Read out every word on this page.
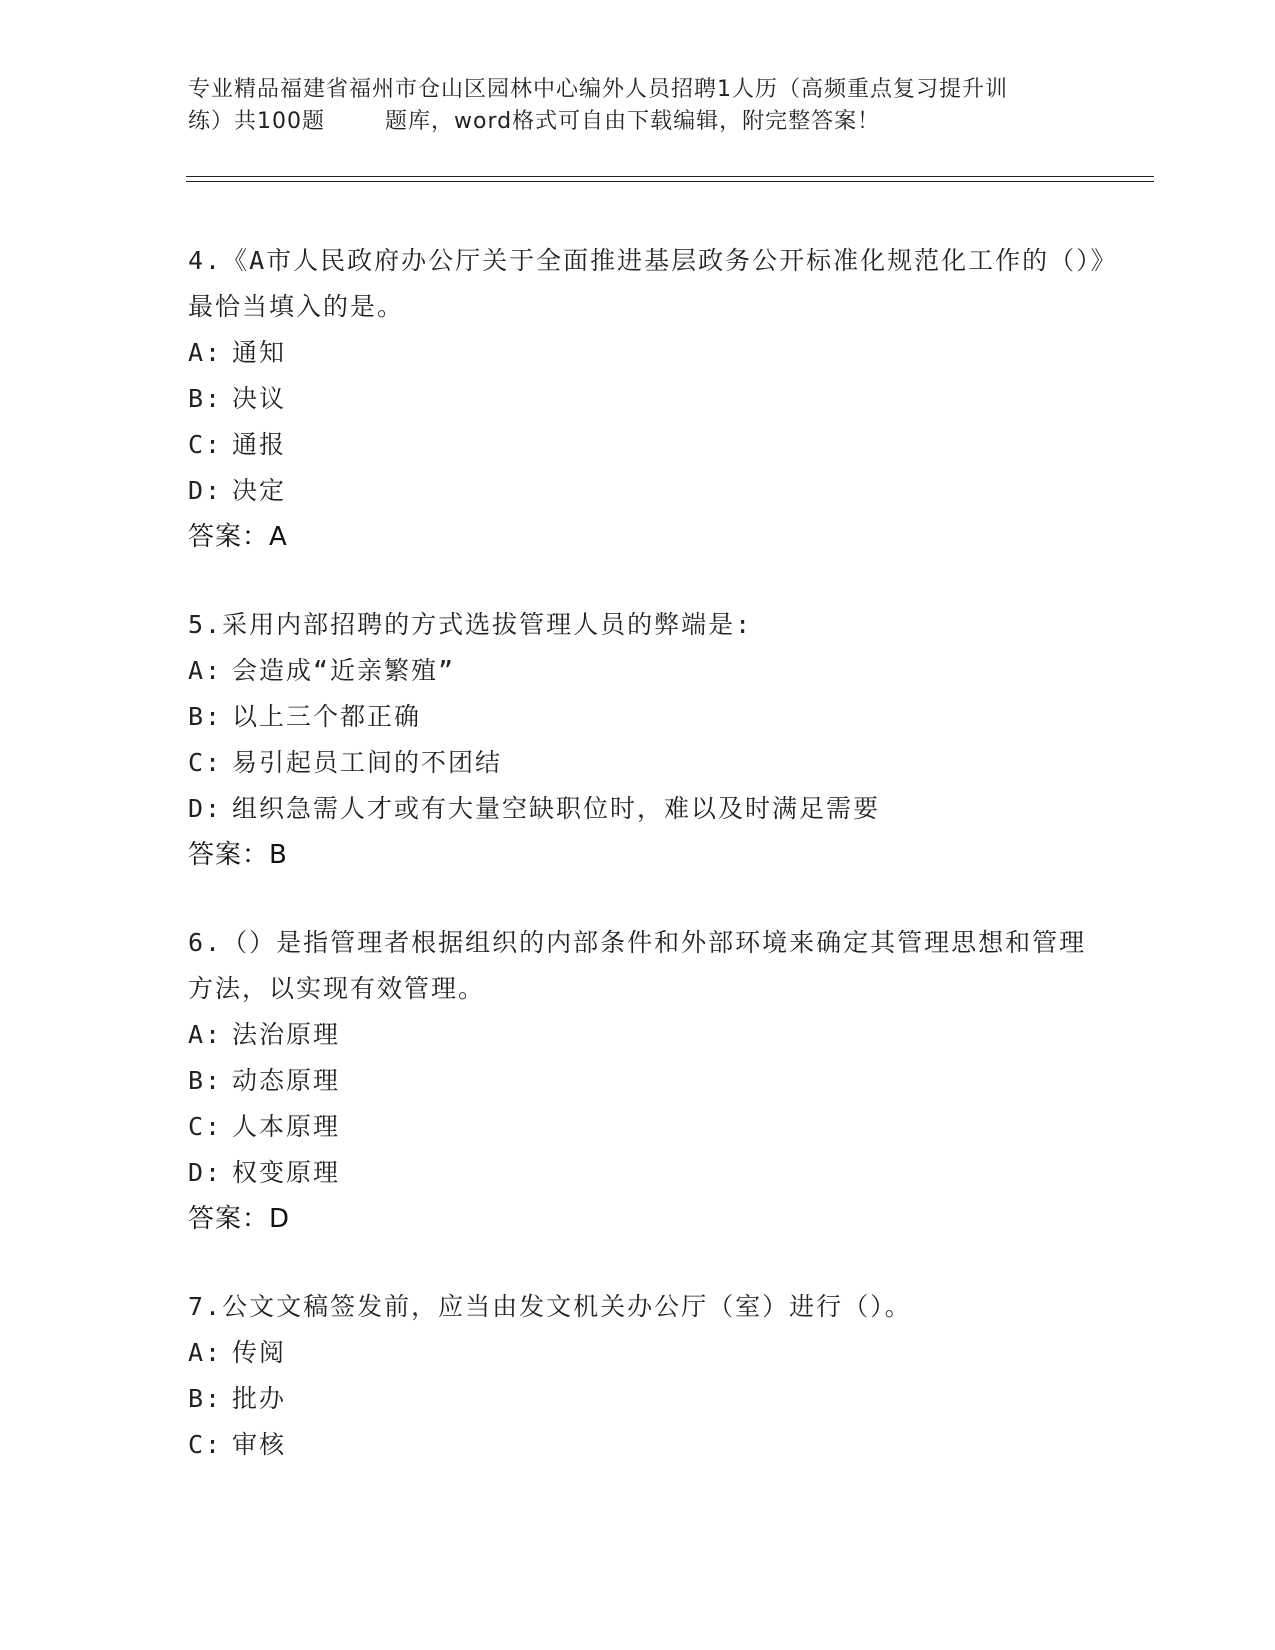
专业精品福建省福州市仓山区园林中心编外人员招聘1人历（高频重点复习提升训
练）共100题	题库，word格式可自由下载编辑，附完整答案！

4.《A市人民政府办公厅关于全面推进基层政务公开标准化规范化工作的（）》最恰当填入的是。

A: 通知
B: 决议
C: 通报
D: 决定
答案：A

5.采用内部招聘的方式选拔管理人员的弊端是:

A: 会造成“近亲繁殖”
B: 以上三个都正确
C: 易引起员工间的不团结
D: 组织急需人才或有大量空缺职位时，难以及时满足需要
答案：B

6.（）是指管理者根据组织的内部条件和外部环境来确定其管理思想和管理方法，以实现有效管理。

A: 法治原理
B: 动态原理
C: 人本原理
D: 权变原理
答案：D

7.公文文稿签发前，应当由发文机关办公厅（室）进行（）。

A: 传阅
B: 批办
C: 审核
